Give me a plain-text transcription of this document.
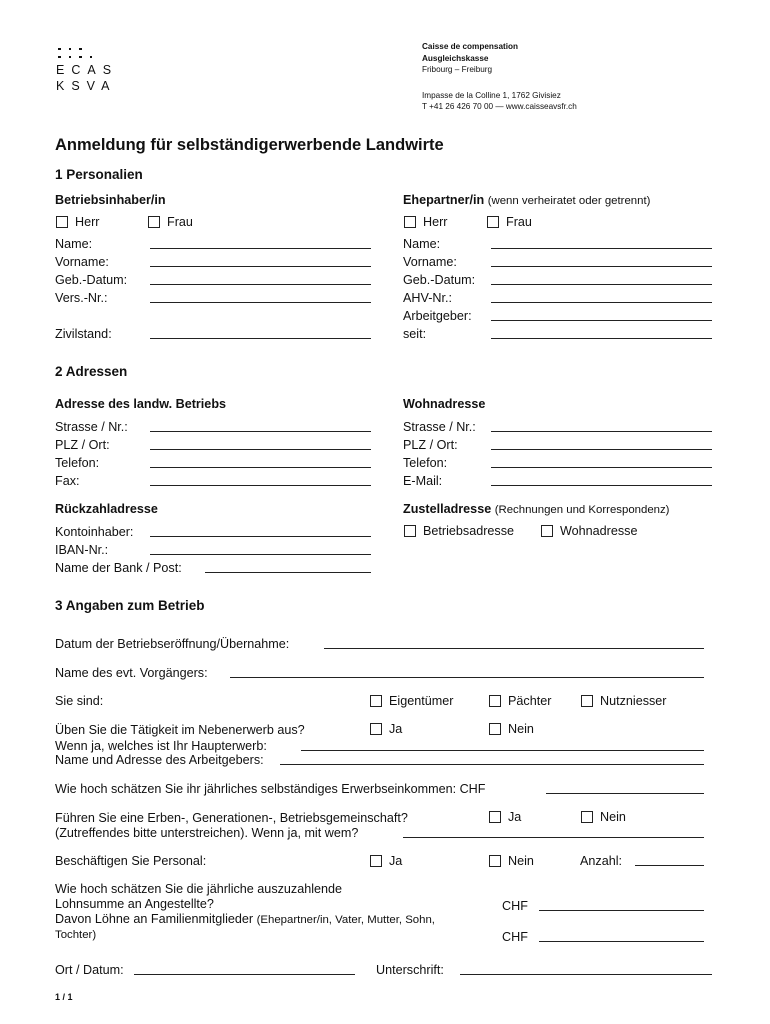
ECAS
KSVA
Caisse de compensation
Ausgleichskasse
Fribourg – Freiburg
Impasse de la Colline 1, 1762 Givisiez
T +41 26 426 70 00 — www.caisseavsfr.ch
Anmeldung für selbständigerwerbende Landwirte
1 Personalien
Betriebsinhaber/in
Herr	Frau
Name:
Vorname:
Geb.-Datum:
Vers.-Nr.:
Zivilstand:
Ehepartner/in (wenn verheiratet oder getrennt)
Herr	Frau
Name:
Vorname:
Geb.-Datum:
AHV-Nr.:
Arbeitgeber:
seit:
2 Adressen
Adresse des landw. Betriebs
Strasse / Nr.:
PLZ / Ort:
Telefon:
Fax:
Wohnadresse
Strasse / Nr.:
PLZ / Ort:
Telefon:
E-Mail:
Rückzahladresse
Kontoinhaber:
IBAN-Nr.:
Name der Bank / Post:
Zustelladresse (Rechnungen und Korrespondenz)
Betriebsadresse	Wohnadresse
3 Angaben zum Betrieb
Datum der Betriebseröffnung/Übernahme:
Name des evt. Vorgängers:
Sie sind:	Eigentümer	Pächter	Nutzniesser
Üben Sie die Tätigkeit im Nebenerwerb aus?	Ja	Nein
Wenn ja, welches ist Ihr Haupterwerb:
Name und Adresse des Arbeitgebers:
Wie hoch schätzen Sie ihr jährliches selbständiges Erwerbseinkommen: CHF
Führen Sie eine Erben-, Generationen-, Betriebsgemeinschaft?	Ja	Nein
(Zutreffendes bitte unterstreichen). Wenn ja, mit wem?
Beschäftigen Sie Personal:	Ja	Nein	Anzahl:
Wie hoch schätzen Sie die jährliche auszuzahlende
Lohnsumme an Angestellte?	CHF
Davon Löhne an Familienmitglieder (Ehepartner/in, Vater, Mutter, Sohn,
Tochter)	CHF
Ort / Datum:	Unterschrift:
1 / 1
